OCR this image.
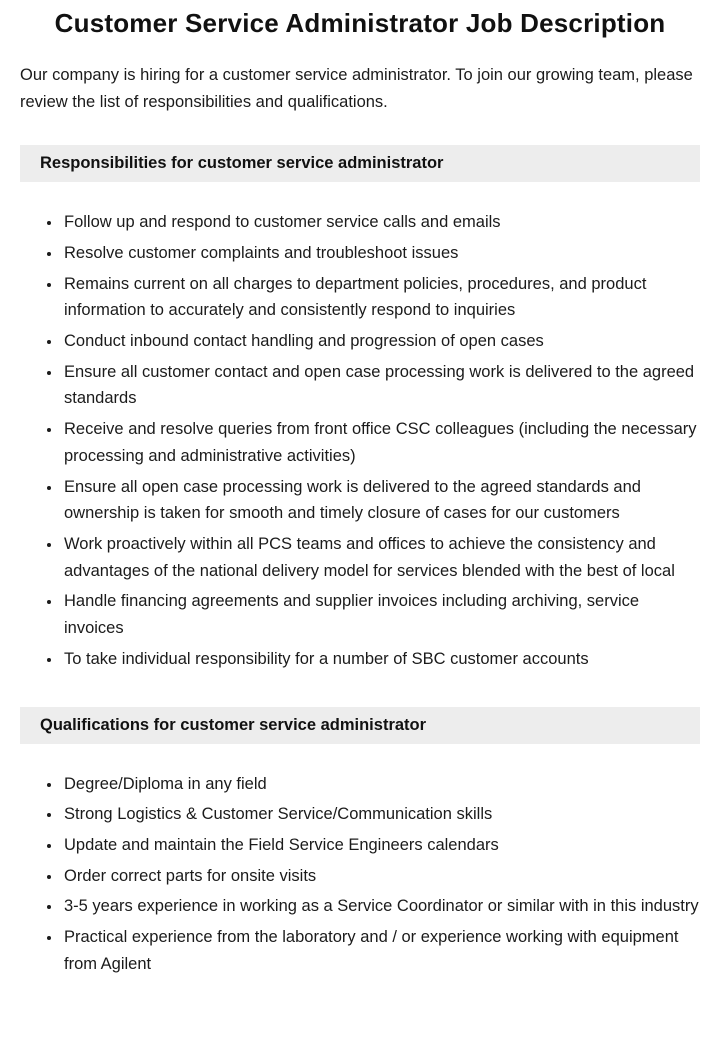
Customer Service Administrator Job Description

Our company is hiring for a customer service administrator. To join our growing team, please review the list of responsibilities and qualifications.

Responsibilities for customer service administrator
• Follow up and respond to customer service calls and emails
• Resolve customer complaints and troubleshoot issues
• Remains current on all charges to department policies, procedures, and product information to accurately and consistently respond to inquiries
• Conduct inbound contact handling and progression of open cases
• Ensure all customer contact and open case processing work is delivered to the agreed standards
• Receive and resolve queries from front office CSC colleagues (including the necessary processing and administrative activities)
• Ensure all open case processing work is delivered to the agreed standards and ownership is taken for smooth and timely closure of cases for our customers
• Work proactively within all PCS teams and offices to achieve the consistency and advantages of the national delivery model for services blended with the best of local
• Handle financing agreements and supplier invoices including archiving, service invoices
• To take individual responsibility for a number of SBC customer accounts
Qualifications for customer service administrator
• Degree/Diploma in any field
• Strong Logistics & Customer Service/Communication skills
• Update and maintain the Field Service Engineers calendars
• Order correct parts for onsite visits
• 3-5 years experience in working as a Service Coordinator or similar with in this industry
• Practical experience from the laboratory and / or experience working with equipment from Agilent
